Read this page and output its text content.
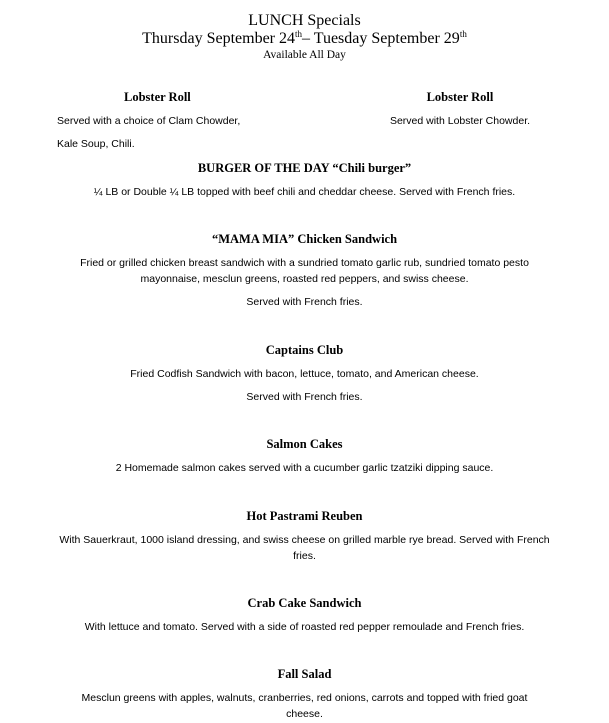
LUNCH Specials
Thursday September 24th– Tuesday September 29th
Available All Day
Lobster Roll
Served with a choice of Clam Chowder,
Kale Soup, Chili.
Lobster Roll
Served with Lobster Chowder.
BURGER OF THE DAY “Chili burger”
¼ LB or Double ¼ LB topped with beef chili and cheddar cheese. Served with French fries.
“MAMA MIA” Chicken Sandwich
Fried or grilled chicken breast sandwich with a sundried tomato garlic rub, sundried tomato pesto
mayonnaise, mesclun greens, roasted red peppers, and swiss cheese.
Served with French fries.
Captains Club
Fried Codfish Sandwich with bacon, lettuce, tomato, and American cheese.
Served with French fries.
Salmon Cakes
2 Homemade salmon cakes served with a cucumber garlic tzatziki dipping sauce.
Hot Pastrami Reuben
With Sauerkraut, 1000 island dressing, and swiss cheese on grilled marble rye bread. Served with French
fries.
Crab Cake Sandwich
With lettuce and tomato. Served with a side of roasted red pepper remoulade and French fries.
Fall Salad
Mesclun greens with apples, walnuts, cranberries, red onions, carrots and topped with fried goat
cheese.
